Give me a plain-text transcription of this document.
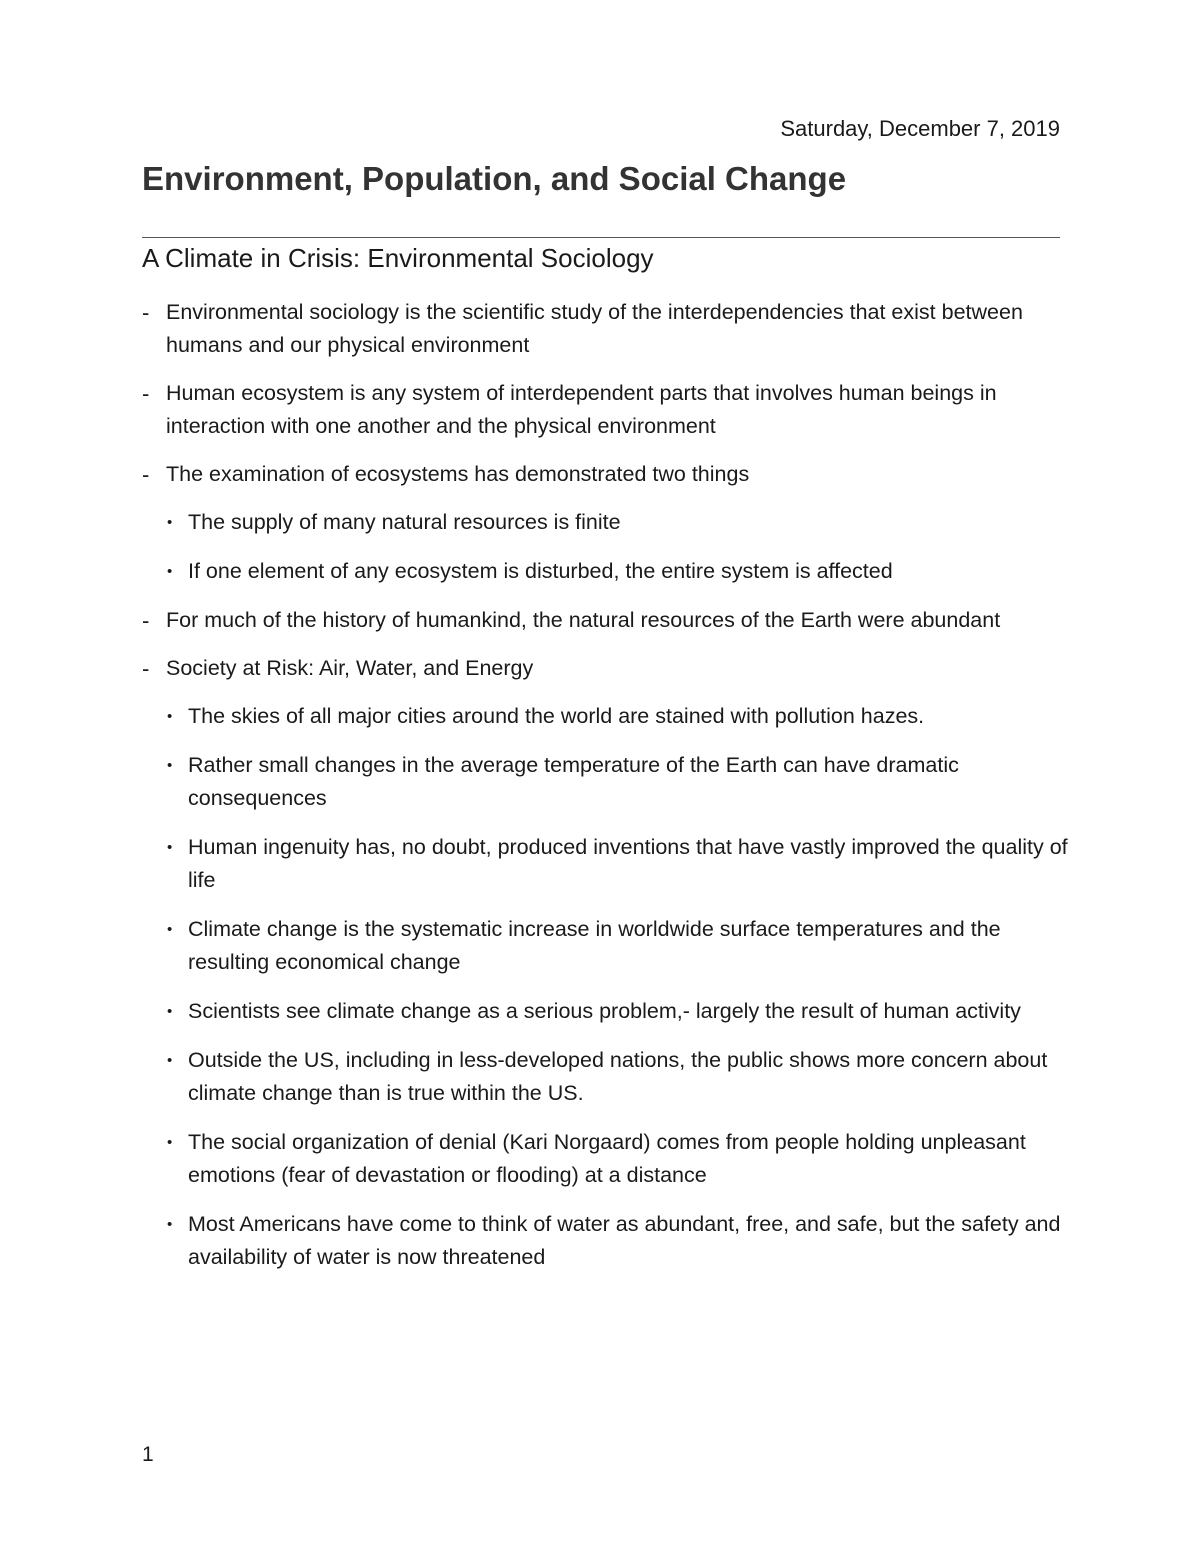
Saturday, December 7, 2019
Environment, Population, and Social Change
A Climate in Crisis: Environmental Sociology
- Environmental sociology is the scientific study of the interdependencies that exist between humans and our physical environment
- Human ecosystem is any system of interdependent parts that involves human beings in interaction with one another and the physical environment
- The examination of ecosystems has demonstrated two things
• The supply of many natural resources is finite
• If one element of any ecosystem is disturbed, the entire system is affected
- For much of the history of humankind, the natural resources of the Earth were abundant
- Society at Risk: Air, Water, and Energy
• The skies of all major cities around the world are stained with pollution hazes.
• Rather small changes in the average temperature of the Earth can have dramatic consequences
• Human ingenuity has, no doubt, produced inventions that have vastly improved the quality of life
• Climate change is the systematic increase in worldwide surface temperatures and the resulting economical change
• Scientists see climate change as a serious problem,- largely the result of human activity
• Outside the US, including in less-developed nations, the public shows more concern about climate change than is true within the US.
• The social organization of denial (Kari Norgaard) comes from people holding unpleasant emotions (fear of devastation or flooding) at a distance
• Most Americans have come to think of water as abundant, free, and safe, but the safety and availability of water is now threatened
1
